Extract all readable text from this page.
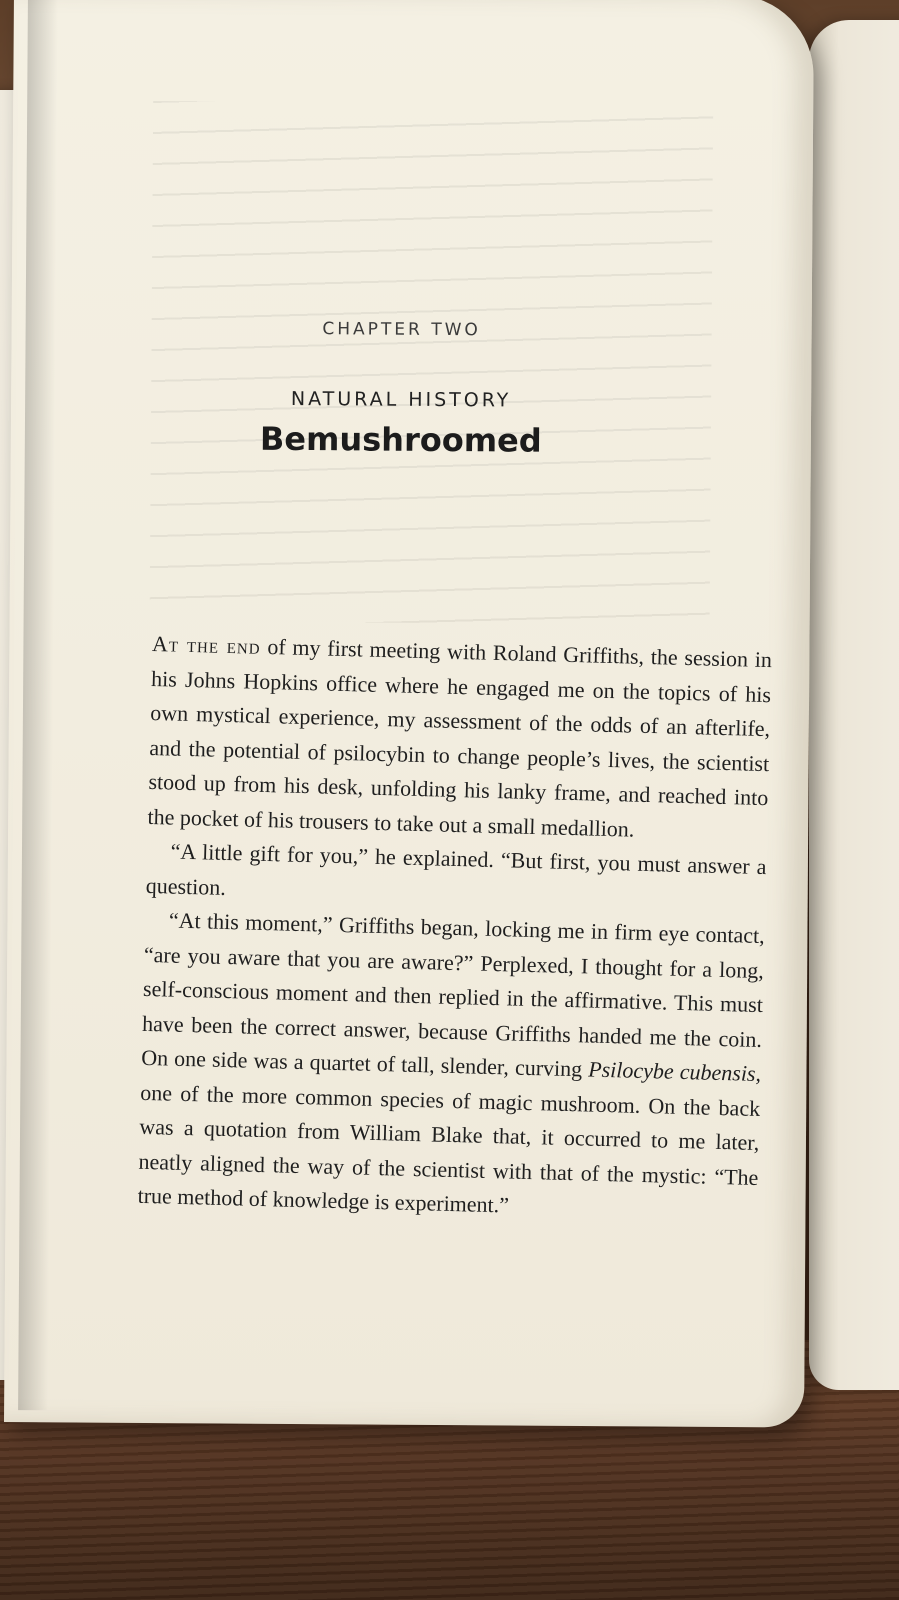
CHAPTER TWO
NATURAL HISTORY
Bemushroomed

At the end of my first meeting with Roland Griffiths, the session in his Johns Hopkins office where he engaged me on the topics of his own mystical experience, my assessment of the odds of an afterlife, and the potential of psilocybin to change people’s lives, the scientist stood up from his desk, unfolding his lanky frame, and reached into the pocket of his trousers to take out a small medallion.

“A little gift for you,” he explained. “But first, you must answer a question.

“At this moment,” Griffiths began, locking me in firm eye contact, “are you aware that you are aware?” Perplexed, I thought for a long, self-conscious moment and then replied in the affirmative. This must have been the correct answer, because Griffiths handed me the coin. On one side was a quartet of tall, slender, curving Psilocybe cubensis, one of the more common species of magic mushroom. On the back was a quotation from William Blake that, it occurred to me later, neatly aligned the way of the scientist with that of the mystic: “The true method of knowledge is experiment.”
